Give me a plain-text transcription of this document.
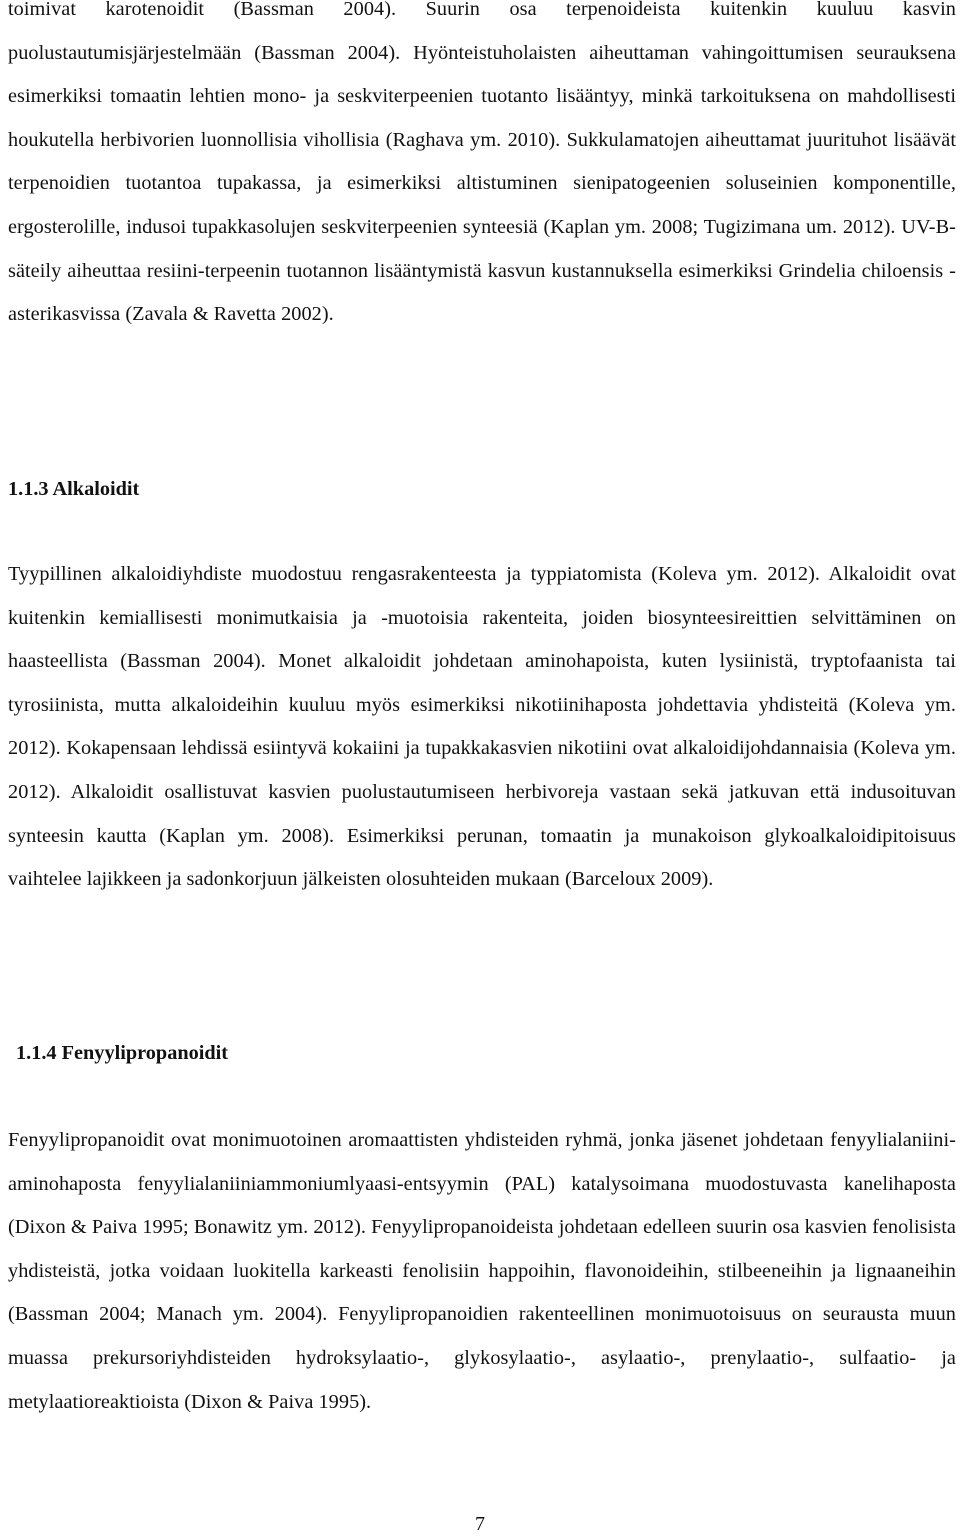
toimivat karotenoidit (Bassman 2004). Suurin osa terpenoideista kuitenkin kuuluu kasvin puolustautumisjärjestelmään (Bassman 2004). Hyönteistuholaisten aiheuttaman vahingoittumisen seurauksena esimerkiksi tomaatin lehtien mono- ja seskviterpeenien tuotanto lisääntyy, minkä tarkoituksena on mahdollisesti houkutella herbivorien luonnollisia vihollisia (Raghava ym. 2010). Sukkulamatojen aiheuttamat juurituhot lisäävät terpenoidien tuotantoa tupakassa, ja esimerkiksi altistuminen sienipatogeenien soluseinien komponentille, ergosterolille, indusoi tupakkasolujen seskviterpeenien synteesiä (Kaplan ym. 2008; Tugizimana um. 2012). UV-B-säteily aiheuttaa resiini-terpeenin tuotannon lisääntymistä kasvun kustannuksella esimerkiksi Grindelia chiloensis -asterikasvissa (Zavala & Ravetta 2002).

1.1.3 Alkaloidit

Tyypillinen alkaloidiyhdiste muodostuu rengasrakenteesta ja typpiatomista (Koleva ym. 2012). Alkaloidit ovat kuitenkin kemiallisesti monimutkaisia ja -muotoisia rakenteita, joiden biosynteesireittien selvittäminen on haasteellista (Bassman 2004). Monet alkaloidit johdetaan aminohapoista, kuten lysiinistä, tryptofaanista tai tyrosiinista, mutta alkaloideihin kuuluu myös esimerkiksi nikotiinihaposta johdettavia yhdisteitä (Koleva ym. 2012). Kokapensaan lehdissä esiintyvä kokaiini ja tupakkakasvien nikotiini ovat alkaloidijohdannaisia (Koleva ym. 2012). Alkaloidit osallistuvat kasvien puolustautumiseen herbivoreja vastaan sekä jatkuvan että indusoituvan synteesin kautta (Kaplan ym. 2008). Esimerkiksi perunan, tomaatin ja munakoison glykoalkaloidipitoisuus vaihtelee lajikkeen ja sadonkorjuun jälkeisten olosuhteiden mukaan (Barceloux 2009).

1.1.4 Fenyylipropanoidit

Fenyylipropanoidit ovat monimuotoinen aromaattisten yhdisteiden ryhmä, jonka jäsenet johdetaan fenyylialaniini-aminohaposta fenyylialaniiniammoniumlyaasi-entsyymin (PAL) katalysoimana muodostuvasta kanelihaposta (Dixon & Paiva 1995; Bonawitz ym. 2012). Fenyylipropanoideista johdetaan edelleen suurin osa kasvien fenolisista yhdisteistä, jotka voidaan luokitella karkeasti fenolisiin happoihin, flavonoideihin, stilbeeneihin ja lignaaneihin (Bassman 2004; Manach ym. 2004). Fenyylipropanoidien rakenteellinen monimuotoisuus on seurausta muun muassa prekursoriyhdisteiden hydroksylaatio-, glykosylaatio-, asylaatio-, prenylaatio-, sulfaatio- ja metylaatioreaktioista (Dixon & Paiva 1995).

7
